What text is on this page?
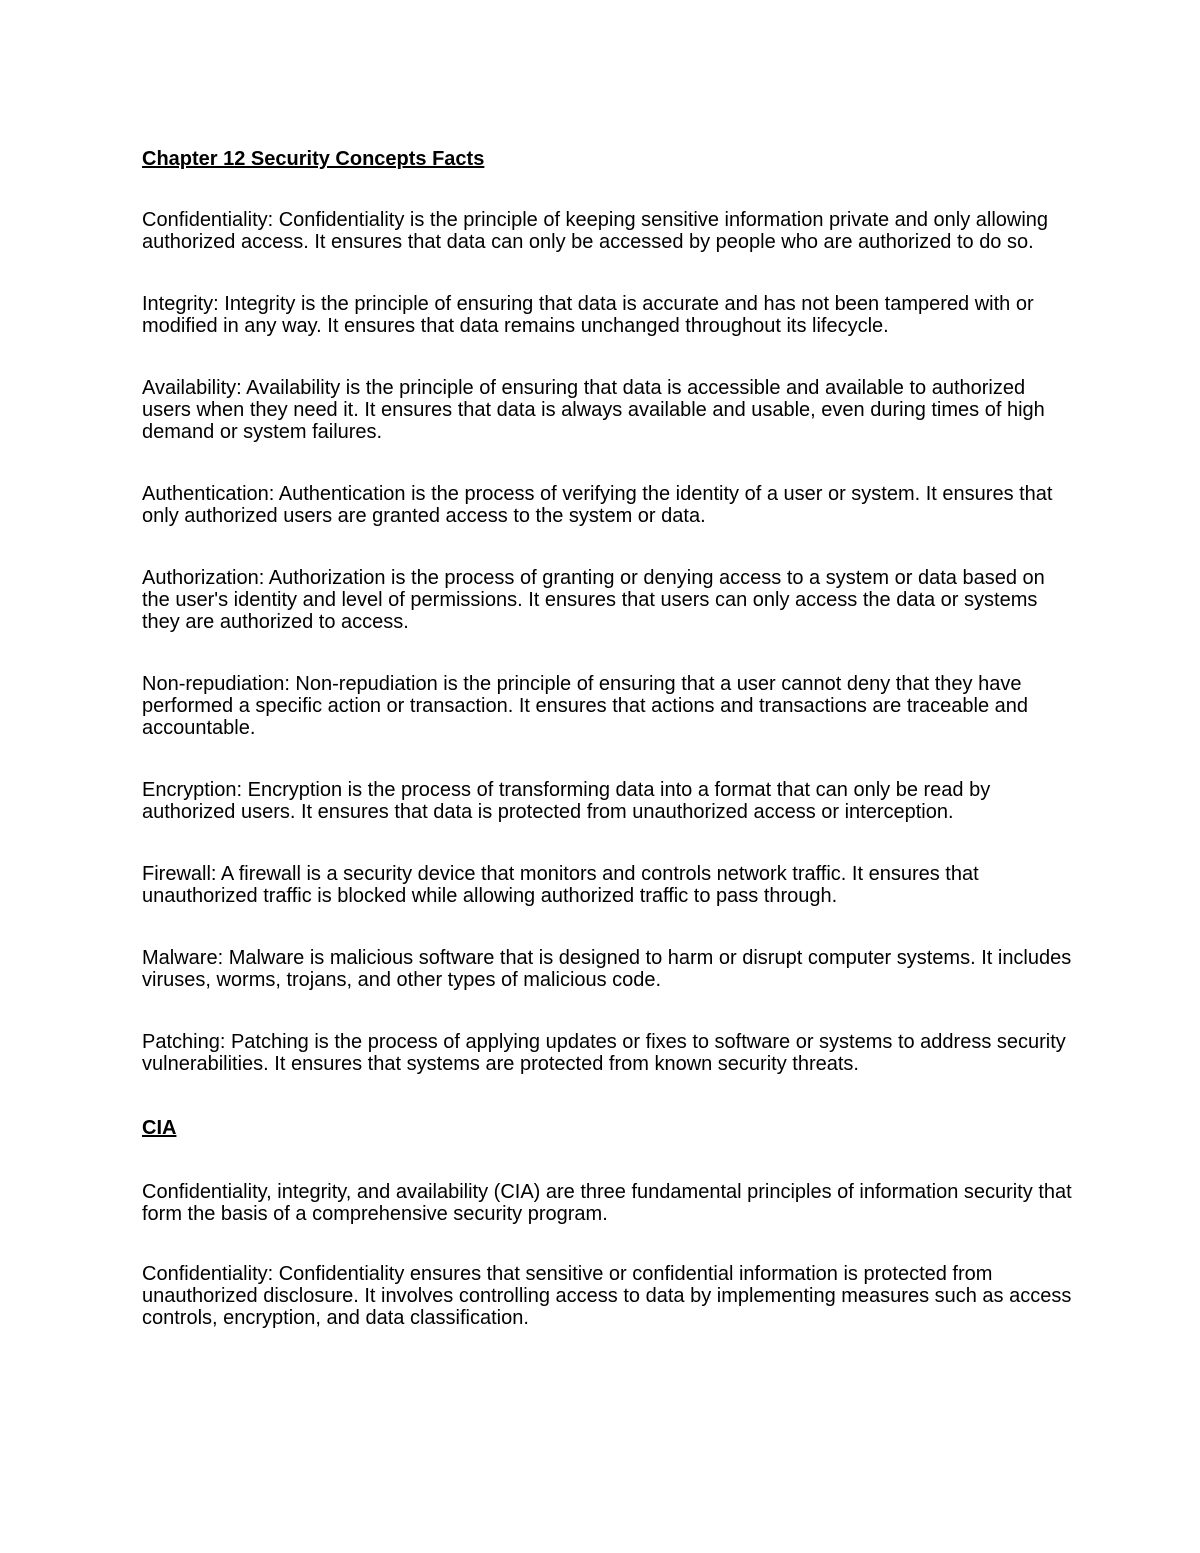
Chapter 12 Security Concepts Facts

Confidentiality: Confidentiality is the principle of keeping sensitive information private and only allowing authorized access. It ensures that data can only be accessed by people who are authorized to do so.

Integrity: Integrity is the principle of ensuring that data is accurate and has not been tampered with or modified in any way. It ensures that data remains unchanged throughout its lifecycle.

Availability: Availability is the principle of ensuring that data is accessible and available to authorized users when they need it. It ensures that data is always available and usable, even during times of high demand or system failures.

Authentication: Authentication is the process of verifying the identity of a user or system. It ensures that only authorized users are granted access to the system or data.

Authorization: Authorization is the process of granting or denying access to a system or data based on the user's identity and level of permissions. It ensures that users can only access the data or systems they are authorized to access.

Non-repudiation: Non-repudiation is the principle of ensuring that a user cannot deny that they have performed a specific action or transaction. It ensures that actions and transactions are traceable and accountable.

Encryption: Encryption is the process of transforming data into a format that can only be read by authorized users. It ensures that data is protected from unauthorized access or interception.

Firewall: A firewall is a security device that monitors and controls network traffic. It ensures that unauthorized traffic is blocked while allowing authorized traffic to pass through.

Malware: Malware is malicious software that is designed to harm or disrupt computer systems. It includes viruses, worms, trojans, and other types of malicious code.

Patching: Patching is the process of applying updates or fixes to software or systems to address security vulnerabilities. It ensures that systems are protected from known security threats.

CIA

Confidentiality, integrity, and availability (CIA) are three fundamental principles of information security that form the basis of a comprehensive security program.

Confidentiality: Confidentiality ensures that sensitive or confidential information is protected from unauthorized disclosure. It involves controlling access to data by implementing measures such as access controls, encryption, and data classification.
